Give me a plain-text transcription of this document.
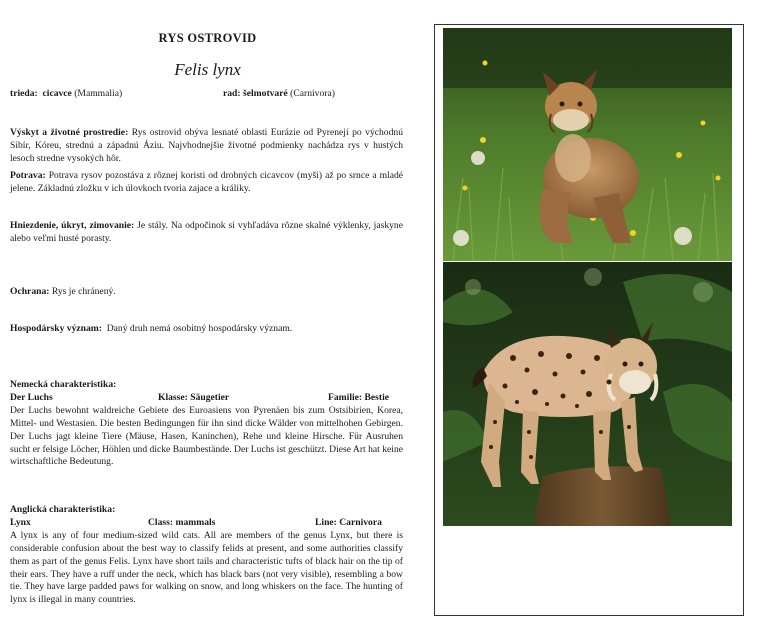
RYS OSTROVID
Felis lynx
trieda: cicavce (Mammalia)	rad: šelmotvaré (Carnivora)
Výskyt a životné prostredie: Rys ostrovid obýva lesnaté oblasti Eurázie od Pyrenejí po východnú Sibír, Kóreu, strednú a západnú Áziu. Najvhodnejšie životné podmienky nachádza rys v hustých lesoch stredne vysokých hôr.
Potrava: Potrava rysov pozostáva z rôznej koristi od drobných cicavcov (myši) až po srnce a mladé jelene. Základnú zložku v ich úlovkoch tvoria zajace a králiky.
Hniezdenie, úkryt, zimovanie: Je stály. Na odpočinok si vyhľadáva rôzne skalné výklenky, jaskyne alebo veľmi husté porasty.
Ochrana: Rys je chránený.
Hospodársky význam: Daný druh nemá osobitný hospodársky význam.
Nemecká charakteristika:
Der Luchs	Klasse: Säugetier	Familie: Bestie
Der Luchs bewohnt waldreiche Gebiete des Euroasiens von Pyrenäen bis zum Ostsibirien, Korea, Mittel- und Westasien. Die besten Bedingungen für ihn sind dicke Wälder von mittelhohen Gebirgen. Der Luchs jagt kleine Tiere (Mäuse, Hasen, Kaninchen), Rehe und kleine Hirsche. Für Ausruhen sucht er felsige Löcher, Höhlen und dicke Baumbestände. Der Luchs ist geschützt. Diese Art hat keine wirtschaftliche Bedeutung.
Anglická charakteristika:
Lynx	Class: mammals	Line: Carnivora
A lynx is any of four medium-sized wild cats. All are members of the genus Lynx, but there is considerable confusion about the best way to classify felids at present, and some authorities classify them as part of the genus Felis. Lynx have short tails and characteristic tufts of black hair on the tip of their ears. They have a ruff under the neck, which has black bars (not very visible), resembling a bow tie. They have large padded paws for walking on snow, and long whiskers on the face. The hunting of lynx is illegal in many countries.
